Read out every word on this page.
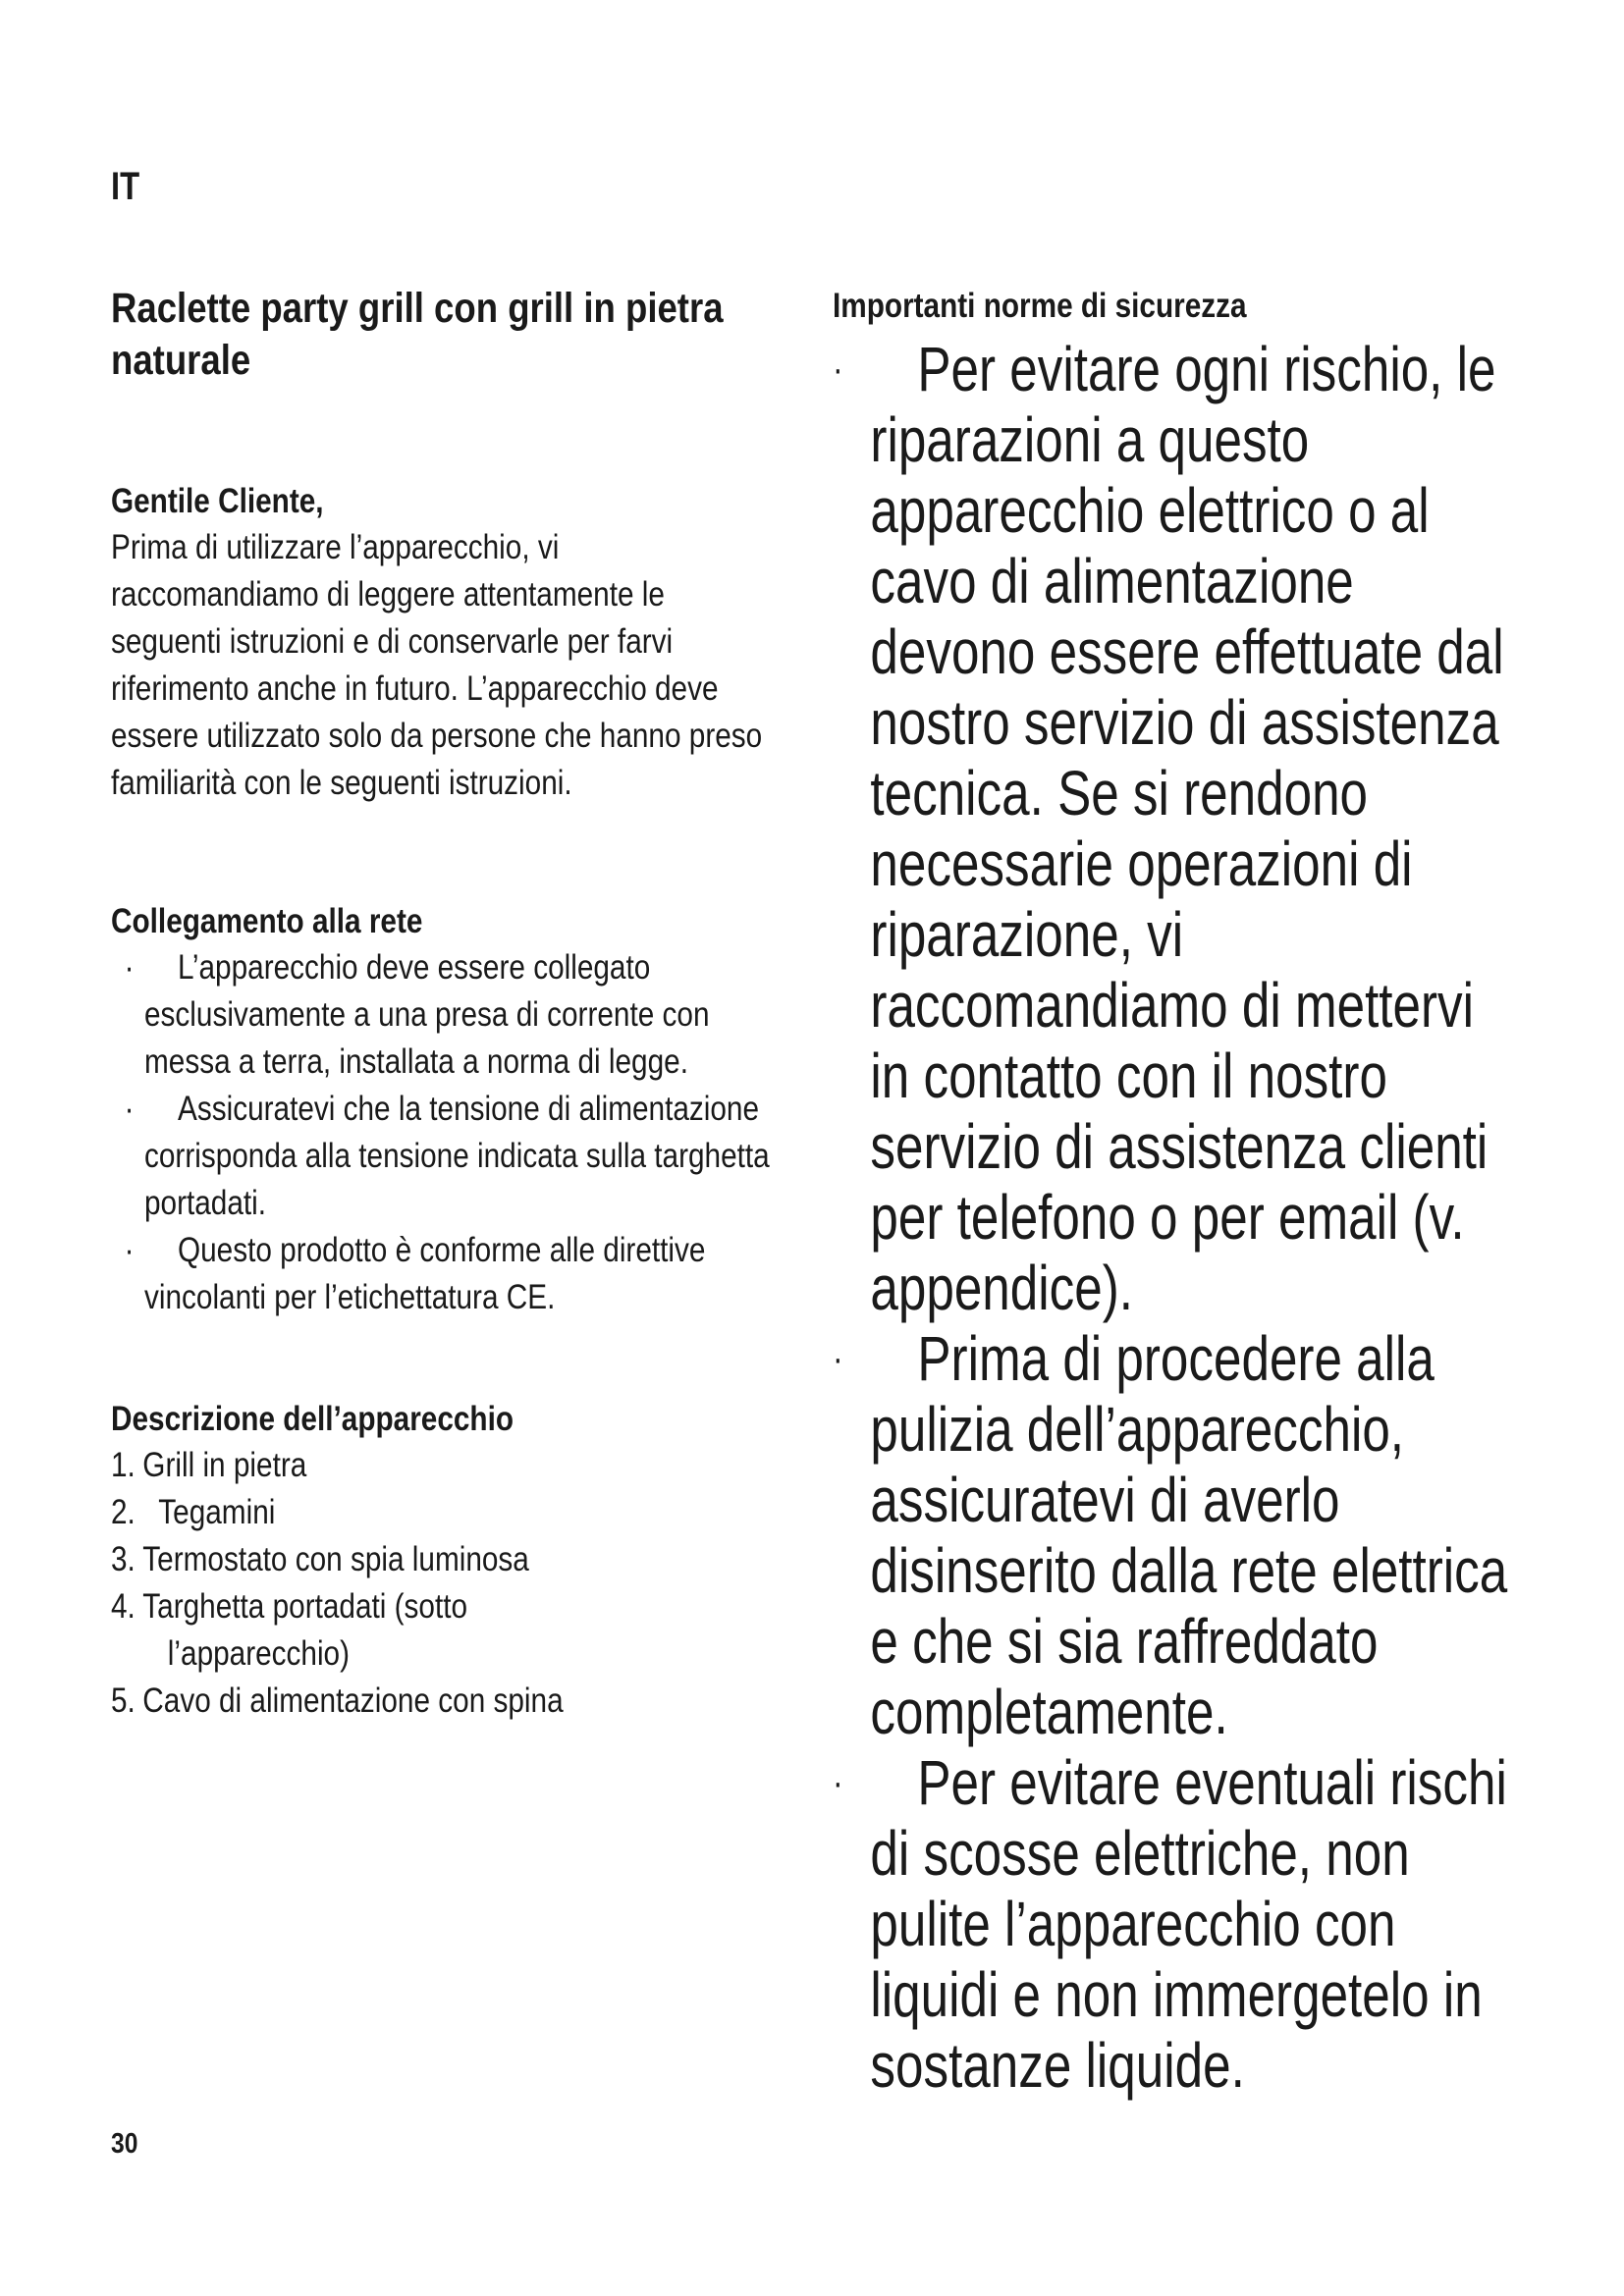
IT
Raclette party grill con grill in pietra naturale
Gentile Cliente,

Prima di utilizzare l’apparecchio, vi raccomandiamo di leggere attentamente le seguenti istruzioni e di conservarle per farvi riferimento anche in futuro. L’apparecchio deve essere utilizzato solo da persone che hanno preso familiarità con le seguenti istruzioni.

Collegamento alla rete
· L’apparecchio deve essere collegato esclusivamente a una presa di corrente con messa a terra, installata a norma di legge.
· Assicuratevi che la tensione di alimentazione corrisponda alla tensione indicata sulla targhetta portadati.
· Questo prodotto è conforme alle direttive vincolanti per l’etichettatura CE.
Descrizione dell’apparecchio
1. Grill in pietra
2. Tegamini
3. Termostato con spia luminosa
4. Targhetta portadati (sotto
l’apparecchio)
5. Cavo di alimentazione con spina
Importanti norme di sicurezza
· Per evitare ogni rischio, le riparazioni a questo apparecchio elettrico o al cavo di alimentazione devono essere effettuate dal nostro servizio di assistenza tecnica. Se si rendono necessarie operazioni di riparazione, vi raccomandiamo di mettervi in contatto con il nostro servizio di assistenza clienti per telefono o per email (v. appendice).
· Prima di procedere alla pulizia dell’apparecchio, assicuratevi di averlo disinserito dalla rete elettrica e che si sia raffreddato completamente.
· Per evitare eventuali rischi di scosse elettriche, non pulite l’apparecchio con liquidi e non immergetelo in sostanze liquide.
30
